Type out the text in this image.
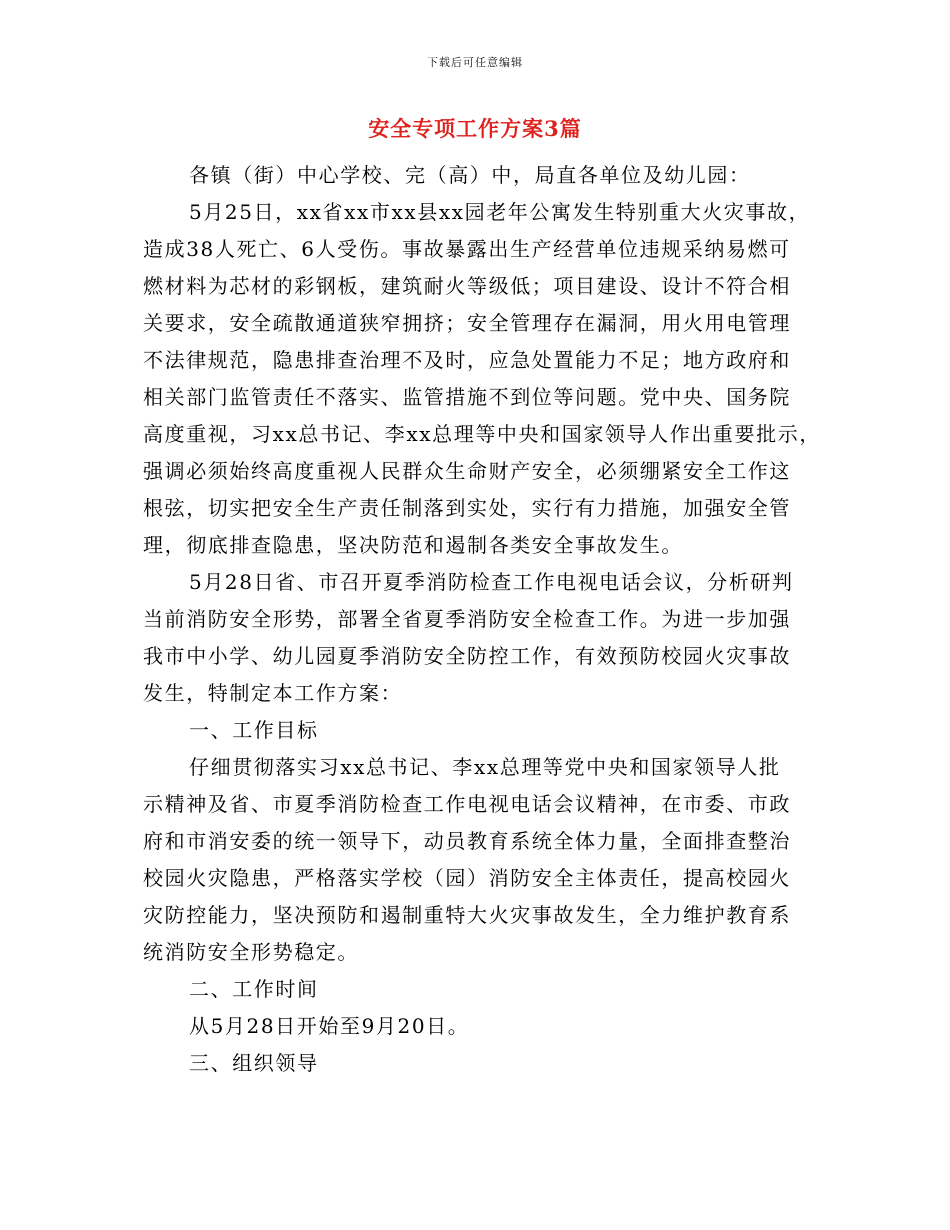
下载后可任意编辑
安全专项工作方案3篇
各镇（街）中心学校、完（高）中，局直各单位及幼儿园：
5月25日，xx省xx市xx县xx园老年公寓发生特别重大火灾事故，
造成38人死亡、6人受伤。事故暴露出生产经营单位违规采纳易燃可
燃材料为芯材的彩钢板，建筑耐火等级低；项目建设、设计不符合相
关要求，安全疏散通道狭窄拥挤；安全管理存在漏洞，用火用电管理
不法律规范，隐患排查治理不及时，应急处置能力不足；地方政府和
相关部门监管责任不落实、监管措施不到位等问题。党中央、国务院
高度重视，习xx总书记、李xx总理等中央和国家领导人作出重要批示，
强调必须始终高度重视人民群众生命财产安全，必须绷紧安全工作这
根弦，切实把安全生产责任制落到实处，实行有力措施，加强安全管
理，彻底排查隐患，坚决防范和遏制各类安全事故发生。
5月28日省、市召开夏季消防检查工作电视电话会议，分析研判
当前消防安全形势，部署全省夏季消防安全检查工作。为进一步加强
我市中小学、幼儿园夏季消防安全防控工作，有效预防校园火灾事故
发生，特制定本工作方案：
一、工作目标
仔细贯彻落实习xx总书记、李xx总理等党中央和国家领导人批
示精神及省、市夏季消防检查工作电视电话会议精神，在市委、市政
府和市消安委的统一领导下，动员教育系统全体力量，全面排查整治
校园火灾隐患，严格落实学校（园）消防安全主体责任，提高校园火
灾防控能力，坚决预防和遏制重特大火灾事故发生，全力维护教育系
统消防安全形势稳定。
二、工作时间
从5月28日开始至9月20日。
三、组织领导
